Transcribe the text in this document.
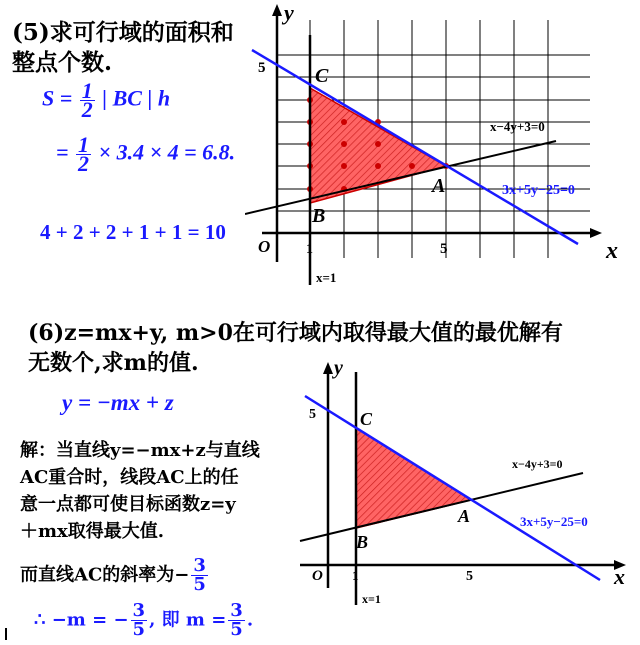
(5)求可行域的面积和
整点个数.
$S = \frac{1}{2}$ | BC | h
= $\frac{1}{2} \times 3.4 \times 4 = 6.8$.
4 + 2 + 2 + 1 + 1 = 10
y
x
O	1	5
5 C
A
B
x−4y+3=0
3x+5y−25=0
x=1
(6)z=mx+y, m>0在可行域内取得最大值的最优解有
无数个,求m的值.
y = −mx + z
解：当直线y=−mx+z与直线
AC重合时，线段AC上的任
意一点都可使目标函数z=y
＋mx取得最大值.
而直线AC的斜率为− $\frac{3}{5}$
∴ −m = − $\frac{3}{5}$ , 即 $m = \frac{3}{5}$ .
y
x
O 1	5
5 C
A
B
x−4y+3=0
3x+5y−25=0
x=1
